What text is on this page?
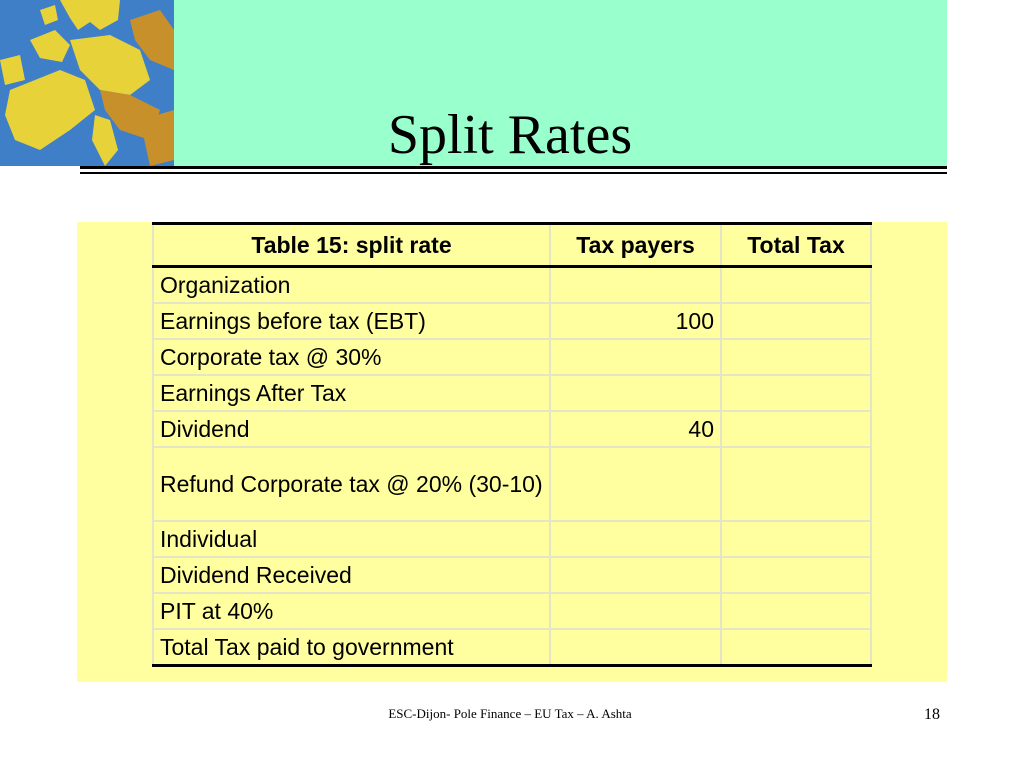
Split Rates
Table 15: split rate	Tax payers	Total Tax
Organization		
Earnings before tax (EBT)	100	
Corporate tax @ 30%		
Earnings After Tax		
Dividend	40	
Refund Corporate tax @ 20% (30-10)		
Individual		
Dividend Received		
PIT at 40%		
Total Tax paid to government		
ESC-Dijon- Pole Finance – EU Tax – A. Ashta	18
